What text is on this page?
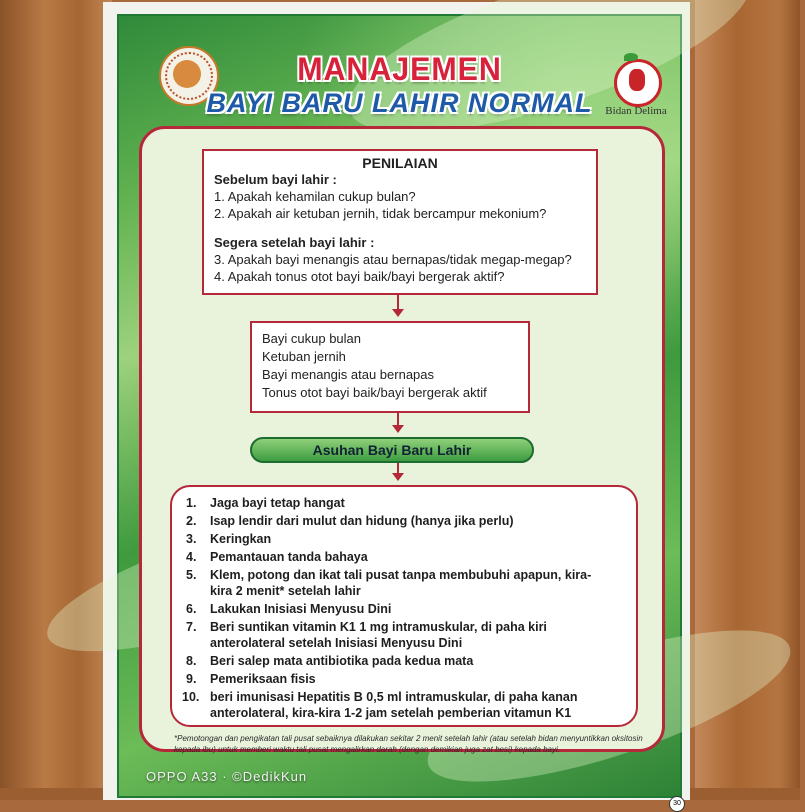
MANAJEMEN
BAYI BARU LAHIR NORMAL	Bidan Delima
PENILAIAN
Sebelum bayi lahir :
1. Apakah kehamilan cukup bulan?
2. Apakah air ketuban jernih, tidak bercampur mekonium?
Segera setelah bayi lahir :
3. Apakah bayi menangis atau bernapas/tidak megap-megap?
4. Apakah tonus otot bayi baik/bayi bergerak aktif?
Bayi cukup bulan
Ketuban jernih
Bayi menangis atau bernapas
Tonus otot bayi baik/bayi bergerak aktif
Asuhan Bayi Baru Lahir
1. Jaga bayi tetap hangat
2. Isap lendir dari mulut dan hidung (hanya jika perlu)
3. Keringkan
4. Pemantauan tanda bahaya
5. Klem, potong dan ikat tali pusat tanpa membubuhi apapun, kira-
kira 2 menit* setelah lahir
6. Lakukan Inisiasi Menyusu Dini
7. Beri suntikan vitamin K1 1 mg intramuskular, di paha kiri
anterolateral setelah Inisiasi Menyusu Dini
8. Beri salep mata antibiotika pada kedua mata
9. Pemeriksaan fisis
10. beri imunisasi Hepatitis B 0,5 ml intramuskular, di paha kanan
anterolateral, kira-kira 1-2 jam setelah pemberian vitamun K1
*Pemotongan dan pengikatan tali pusat sebaiknya dilakukan sekitar 2 menit setelah lahir (atau setelah bidan menyuntikkan oksitosin kepada ibu) untuk memberi waktu tali pusat mengalirkan darah (dengan demikian juga zat besi) kepada bayi.
OPPO A33 · ©DedikKun
30
